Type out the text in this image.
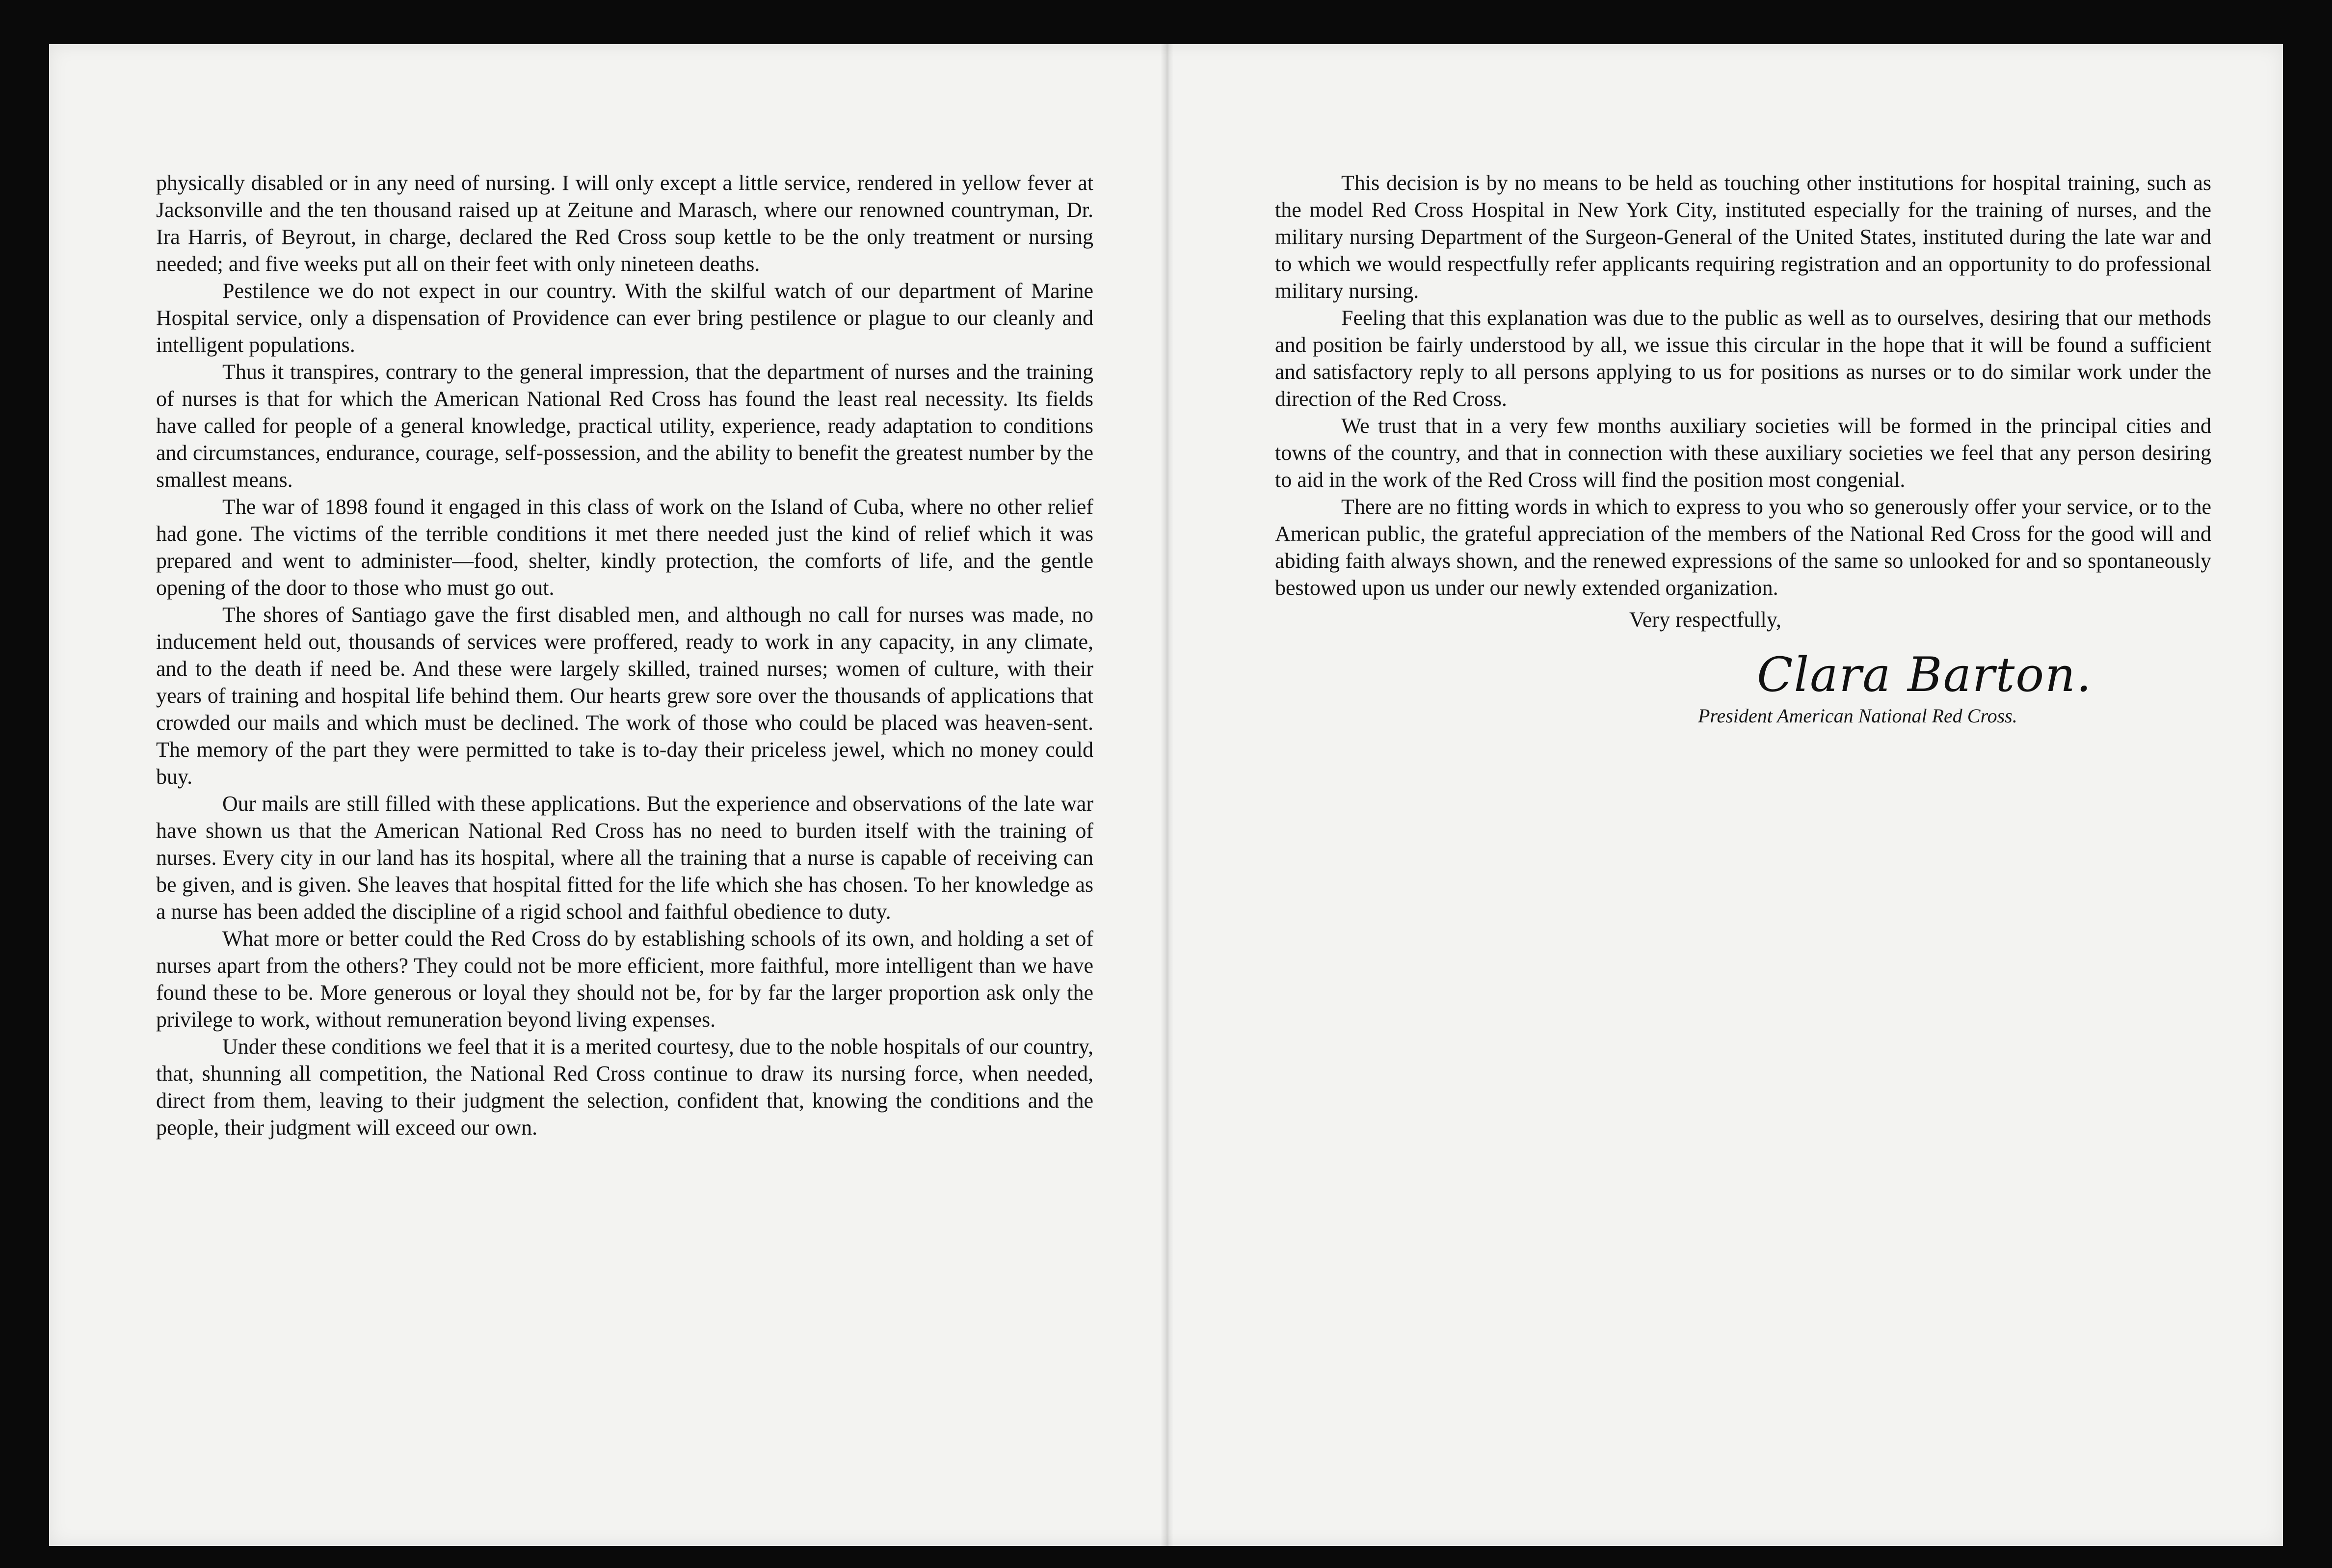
physically disabled or in any need of nursing. I will only except a little service, rendered in yellow fever at Jacksonville and the ten thousand raised up at Zeitune and Marasch, where our renowned countryman, Dr. Ira Harris, of Beyrout, in charge, declared the Red Cross soup kettle to be the only treatment or nursing needed; and five weeks put all on their feet with only nineteen deaths.

Pestilence we do not expect in our country. With the skilful watch of our department of Marine Hospital service, only a dispensation of Providence can ever bring pestilence or plague to our cleanly and intelligent populations.

Thus it transpires, contrary to the general impression, that the department of nurses and the training of nurses is that for which the American National Red Cross has found the least real necessity. Its fields have called for people of a general knowledge, practical utility, experience, ready adaptation to conditions and circumstances, endurance, courage, self-possession, and the ability to benefit the greatest number by the smallest means.

The war of 1898 found it engaged in this class of work on the Island of Cuba, where no other relief had gone. The victims of the terrible conditions it met there needed just the kind of relief which it was prepared and went to administer—food, shelter, kindly protection, the comforts of life, and the gentle opening of the door to those who must go out.

The shores of Santiago gave the first disabled men, and although no call for nurses was made, no inducement held out, thousands of services were proffered, ready to work in any capacity, in any climate, and to the death if need be. And these were largely skilled, trained nurses; women of culture, with their years of training and hospital life behind them. Our hearts grew sore over the thousands of applications that crowded our mails and which must be declined. The work of those who could be placed was heaven-sent. The memory of the part they were permitted to take is to-day their priceless jewel, which no money could buy.

Our mails are still filled with these applications. But the experience and observations of the late war have shown us that the American National Red Cross has no need to burden itself with the training of nurses. Every city in our land has its hospital, where all the training that a nurse is capable of receiving can be given, and is given. She leaves that hospital fitted for the life which she has chosen. To her knowledge as a nurse has been added the discipline of a rigid school and faithful obedience to duty.

What more or better could the Red Cross do by establishing schools of its own, and holding a set of nurses apart from the others? They could not be more efficient, more faithful, more intelligent than we have found these to be. More generous or loyal they should not be, for by far the larger proportion ask only the privilege to work, without remuneration beyond living expenses.

Under these conditions we feel that it is a merited courtesy, due to the noble hospitals of our country, that, shunning all competition, the National Red Cross continue to draw its nursing force, when needed, direct from them, leaving to their judgment the selection, confident that, knowing the conditions and the people, their judgment will exceed our own.

This decision is by no means to be held as touching other institutions for hospital training, such as the model Red Cross Hospital in New York City, instituted especially for the training of nurses, and the military nursing Department of the Surgeon-General of the United States, instituted during the late war and to which we would respectfully refer applicants requiring registration and an opportunity to do professional military nursing.

Feeling that this explanation was due to the public as well as to ourselves, desiring that our methods and position be fairly understood by all, we issue this circular in the hope that it will be found a sufficient and satisfactory reply to all persons applying to us for positions as nurses or to do similar work under the direction of the Red Cross.

We trust that in a very few months auxiliary societies will be formed in the principal cities and towns of the country, and that in connection with these auxiliary societies we feel that any person desiring to aid in the work of the Red Cross will find the position most congenial.

There are no fitting words in which to express to you who so generously offer your service, or to the American public, the grateful appreciation of the members of the National Red Cross for the good will and abiding faith always shown, and the renewed expressions of the same so unlooked for and so spontaneously bestowed upon us under our newly extended organization.

Very respectfully,

Clara Barton.
President American National Red Cross.
